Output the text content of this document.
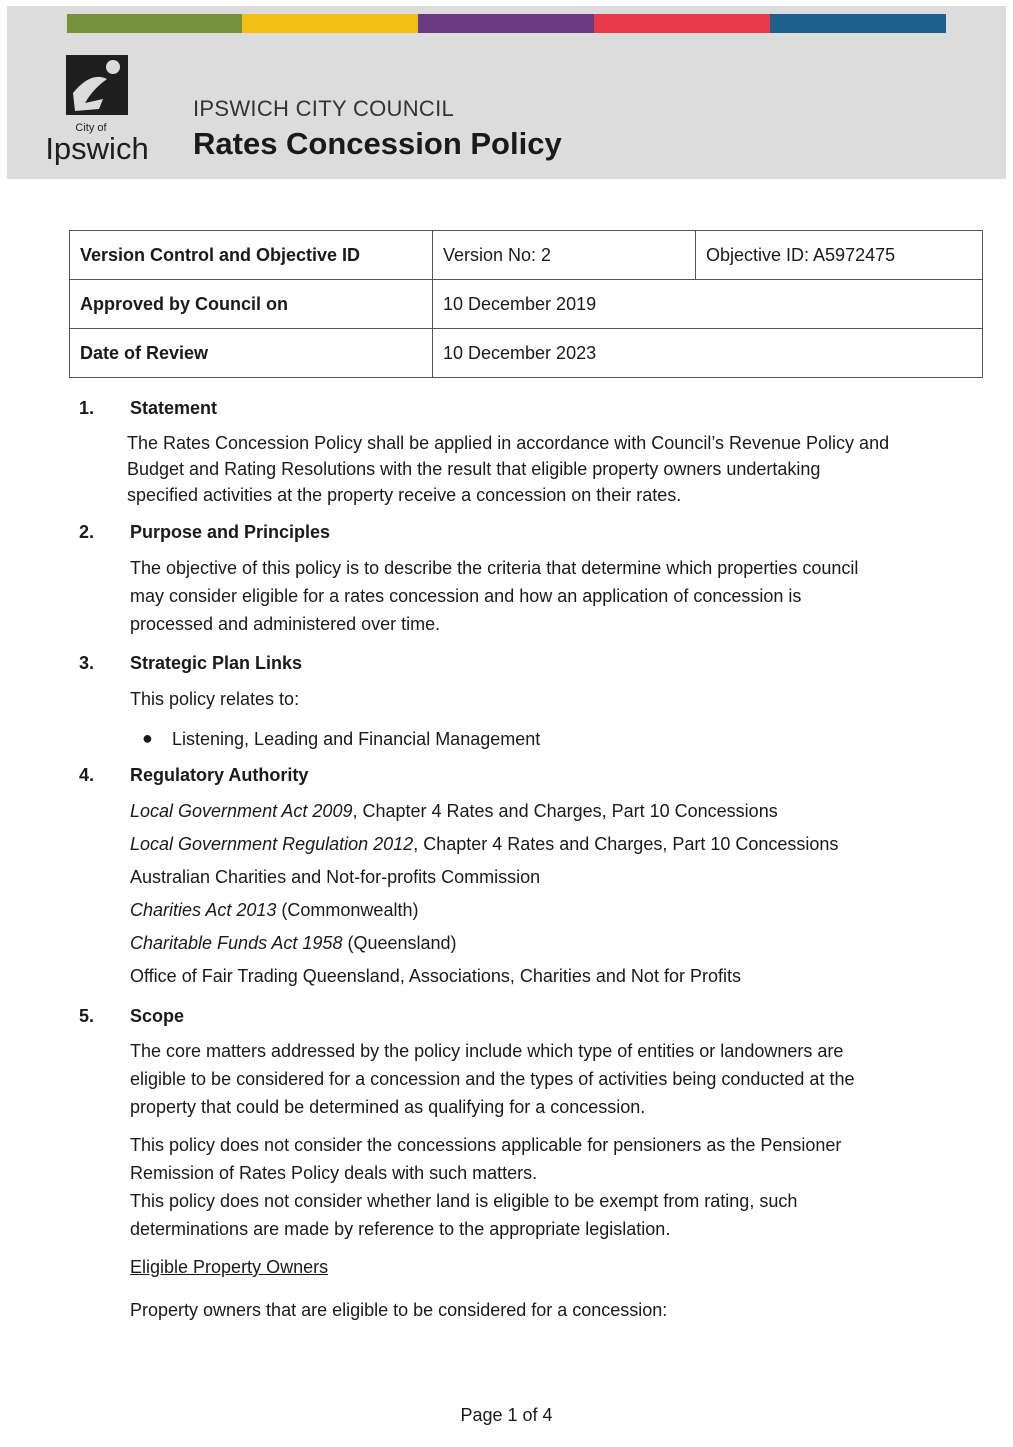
City of
Ipswich
IPSWICH CITY COUNCIL
Rates Concession Policy
Version Control and Objective ID	Version No: 2	Objective ID: A5972475
Approved by Council on	10 December 2019	
Date of Review	10 December 2023	
1. Statement
The Rates Concession Policy shall be applied in accordance with Council’s Revenue Policy and
Budget and Rating Resolutions with the result that eligible property owners undertaking
specified activities at the property receive a concession on their rates.
2. Purpose and Principles
The objective of this policy is to describe the criteria that determine which properties council
may consider eligible for a rates concession and how an application of concession is
processed and administered over time.
3. Strategic Plan Links
This policy relates to:
● Listening, Leading and Financial Management
4. Regulatory Authority
Local Government Act 2009, Chapter 4 Rates and Charges, Part 10 Concessions
Local Government Regulation 2012, Chapter 4 Rates and Charges, Part 10 Concessions
Australian Charities and Not-for-profits Commission
Charities Act 2013 (Commonwealth)
Charitable Funds Act 1958 (Queensland)
Office of Fair Trading Queensland, Associations, Charities and Not for Profits
5. Scope
The core matters addressed by the policy include which type of entities or landowners are
eligible to be considered for a concession and the types of activities being conducted at the
property that could be determined as qualifying for a concession.
This policy does not consider the concessions applicable for pensioners as the Pensioner
Remission of Rates Policy deals with such matters.
This policy does not consider whether land is eligible to be exempt from rating, such
determinations are made by reference to the appropriate legislation.
Eligible Property Owners
Property owners that are eligible to be considered for a concession:
Page 1 of 4
